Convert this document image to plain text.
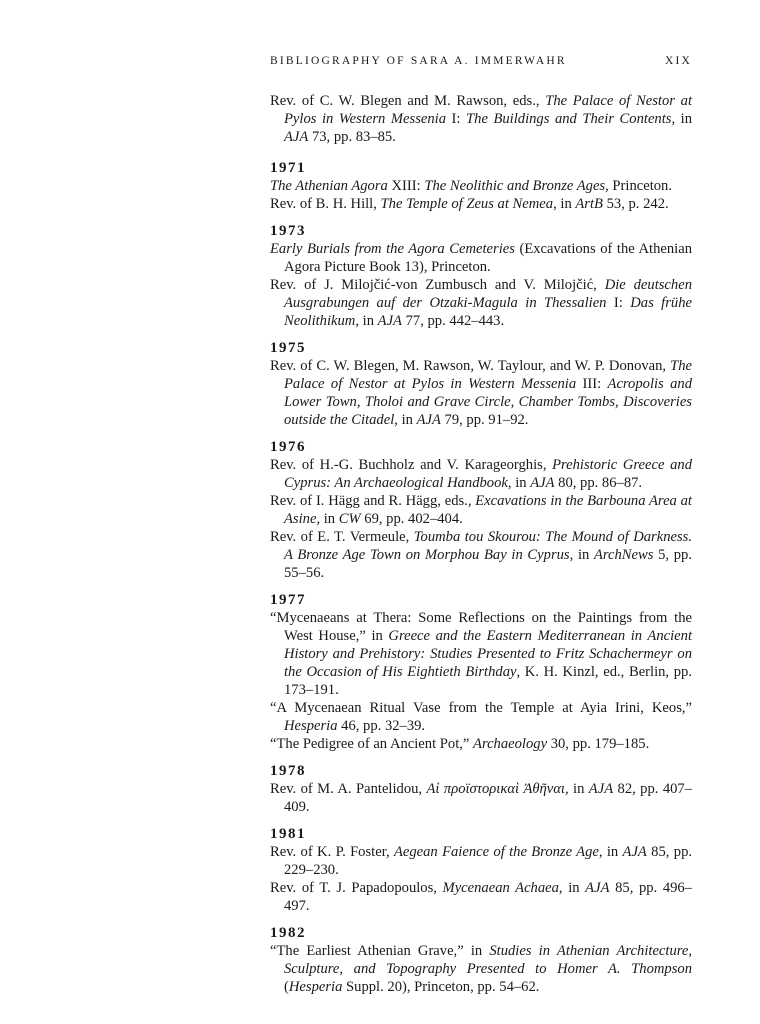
BIBLIOGRAPHY OF SARA A. IMMERWAHR	XIX

Rev. of C. W. Blegen and M. Rawson, eds., The Palace of Nestor at Pylos in Western Messenia I: The Buildings and Their Contents, in AJA 73, pp. 83–85.

1971

The Athenian Agora XIII: The Neolithic and Bronze Ages, Princeton.

Rev. of B. H. Hill, The Temple of Zeus at Nemea, in ArtB 53, p. 242.

1973

Early Burials from the Agora Cemeteries (Excavations of the Athenian Agora Picture Book 13), Princeton.

Rev. of J. Milojčić-von Zumbusch and V. Milojčić, Die deutschen Ausgrabungen auf der Otzaki-Magula in Thessalien I: Das frühe Neolithikum, in AJA 77, pp. 442–443.

1975

Rev. of C. W. Blegen, M. Rawson, W. Taylour, and W. P. Donovan, The Palace of Nestor at Pylos in Western Messenia III: Acropolis and Lower Town, Tholoi and Grave Circle, Chamber Tombs, Discoveries outside the Citadel, in AJA 79, pp. 91–92.

1976

Rev. of H.-G. Buchholz and V. Karageorghis, Prehistoric Greece and Cyprus: An Archaeological Handbook, in AJA 80, pp. 86–87.

Rev. of I. Hägg and R. Hägg, eds., Excavations in the Barbouna Area at Asine, in CW 69, pp. 402–404.

Rev. of E. T. Vermeule, Toumba tou Skourou: The Mound of Darkness. A Bronze Age Town on Morphou Bay in Cyprus, in ArchNews 5, pp. 55–56.

1977

“Mycenaeans at Thera: Some Reflections on the Paintings from the West House,” in Greece and the Eastern Mediterranean in Ancient History and Prehistory: Studies Presented to Fritz Schachermeyr on the Occasion of His Eightieth Birthday, K. H. Kinzl, ed., Berlin, pp. 173–191.

“A Mycenaean Ritual Vase from the Temple at Ayia Irini, Keos,” Hesperia 46, pp. 32–39.

“The Pedigree of an Ancient Pot,” Archaeology 30, pp. 179–185.

1978

Rev. of M. A. Pantelidou, Αἱ προϊστορικαὶ Ἀθῆναι, in AJA 82, pp. 407–409.

1981

Rev. of K. P. Foster, Aegean Faience of the Bronze Age, in AJA 85, pp. 229–230.

Rev. of T. J. Papadopoulos, Mycenaean Achaea, in AJA 85, pp. 496–497.

1982

“The Earliest Athenian Grave,” in Studies in Athenian Architecture, Sculpture, and Topography Presented to Homer A. Thompson (Hesperia Suppl. 20), Princeton, pp. 54–62.
